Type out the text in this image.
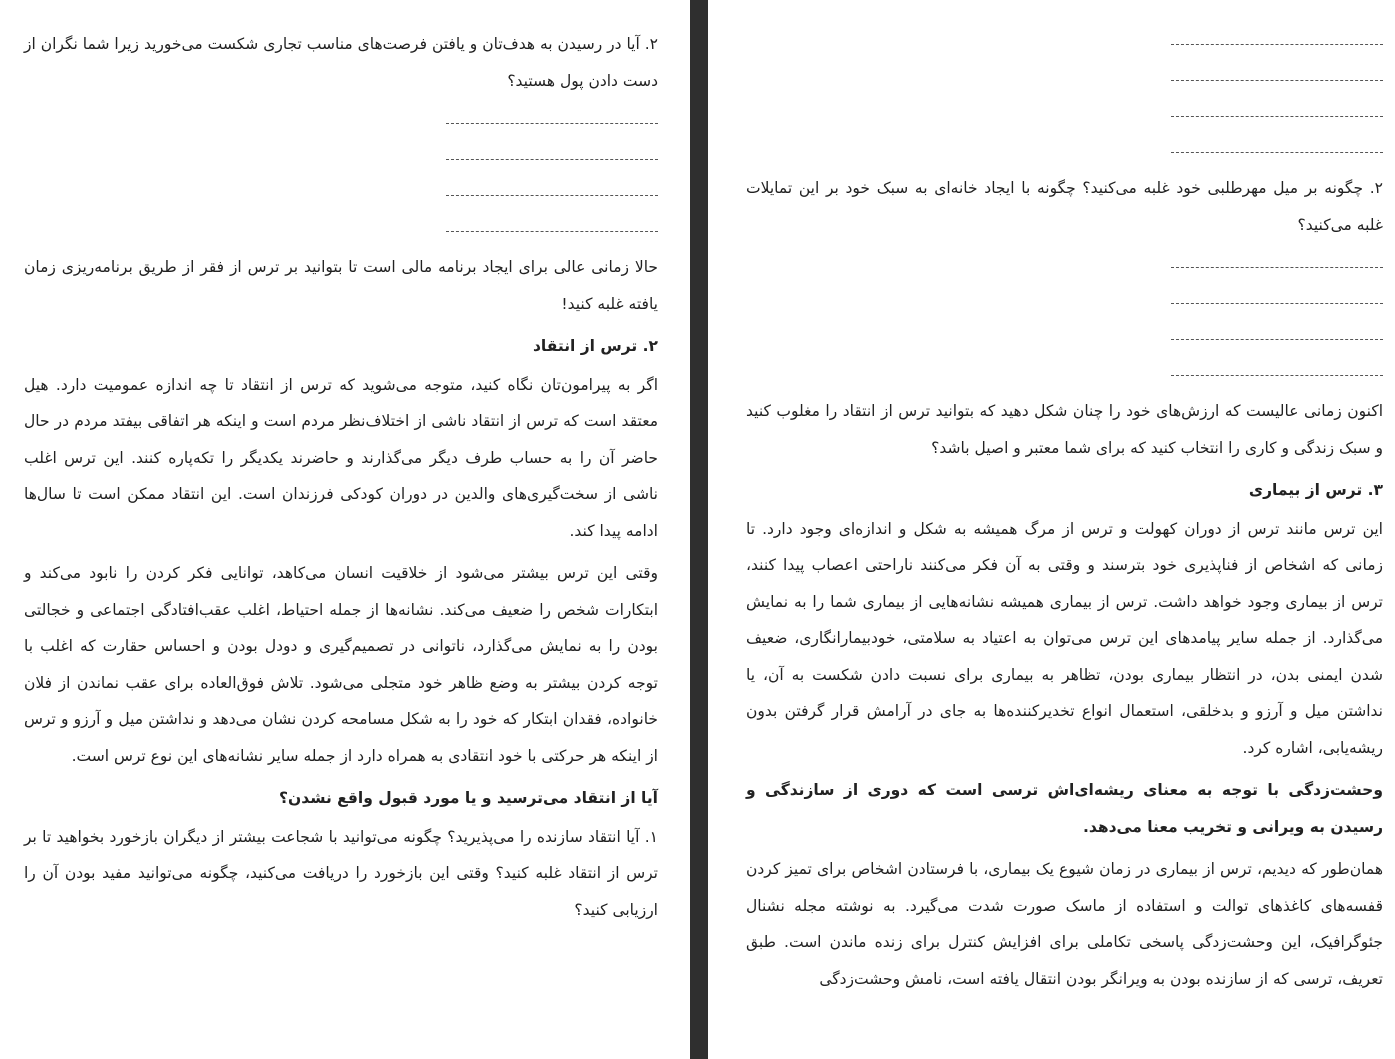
۲. آیا در رسیدن به هدف‌تان و یافتن فرصت‌های مناسب تجاری شکست می‌خورید زیرا شما نگران از دست دادن پول هستید؟

حالا زمانی عالی برای ایجاد برنامه مالی است تا بتوانید بر ترس از فقر از طریق برنامه‌ریزی زمان یافته غلبه کنید!

۲. ترس از انتقاد

اگر به پیرامون‌تان نگاه کنید، متوجه می‌شوید که ترس از انتقاد تا چه اندازه عمومیت دارد. هیل معتقد است که ترس از انتقاد ناشی از اختلاف‌نظر مردم است و اینکه هر اتفاقی بیفتد مردم در حال حاضر آن را به حساب طرف دیگر می‌گذارند و حاضرند یکدیگر را تکه‌پاره کنند. این ترس اغلب ناشی از سخت‌گیری‌های والدین در دوران کودکی فرزندان است. این انتقاد ممکن است تا سال‌ها ادامه پیدا کند.

وقتی این ترس بیشتر می‌شود از خلاقیت انسان می‌کاهد، توانایی فکر کردن را نابود می‌کند و ابتکارات شخص را ضعیف می‌کند. نشانه‌ها از جمله احتیاط، اغلب عقب‌افتادگی اجتماعی و خجالتی بودن را به نمایش می‌گذارد، ناتوانی در تصمیم‌گیری و دودل بودن و احساس حقارت که اغلب با توجه کردن بیشتر به وضع ظاهر خود متجلی می‌شود. تلاش فوق‌العاده برای عقب نماندن از فلان خانواده، فقدان ابتکار که خود را به شکل مسامحه کردن نشان می‌دهد و نداشتن میل و آرزو و ترس از اینکه هر حرکتی با خود انتقادی به همراه دارد از جمله سایر نشانه‌های این نوع ترس است.

آیا از انتقاد می‌ترسید و یا مورد قبول واقع نشدن؟

۱. آیا انتقاد سازنده را می‌پذیرید؟ چگونه می‌توانید با شجاعت بیشتر از دیگران بازخورد بخواهید تا بر ترس از انتقاد غلبه کنید؟ وقتی این بازخورد را دریافت می‌کنید، چگونه می‌توانید مفید بودن آن را ارزیابی کنید؟

۲. چگونه بر میل مهرطلبی خود غلبه می‌کنید؟ چگونه با ایجاد خانه‌ای به سبک خود بر این تمایلات غلبه می‌کنید؟

اکنون زمانی عالیست که ارزش‌های خود را چنان شکل دهید که بتوانید ترس از انتقاد را مغلوب کنید و سبک زندگی و کاری را انتخاب کنید که برای شما معتبر و اصیل باشد؟

۳. ترس از بیماری

این ترس مانند ترس از دوران کهولت و ترس از مرگ همیشه به شکل و اندازه‌ای وجود دارد. تا زمانی که اشخاص از فناپذیری خود بترسند و وقتی به آن فکر می‌کنند ناراحتی اعصاب پیدا کنند، ترس از بیماری وجود خواهد داشت. ترس از بیماری همیشه نشانه‌هایی از بیماری شما را به نمایش می‌گذارد. از جمله سایر پیامدهای این ترس می‌توان به اعتیاد به سلامتی، خودبیمارانگاری، ضعیف شدن ایمنی بدن، در انتظار بیماری بودن، تظاهر به بیماری برای نسبت دادن شکست به آن، یا نداشتن میل و آرزو و بدخلقی، استعمال انواع تخدیرکننده‌ها به جای در آرامش قرار گرفتن بدون ریشه‌یابی، اشاره کرد.

وحشت‌زدگی با توجه به معنای ریشه‌ای‌اش ترسی است که دوری از سازندگی و رسیدن به ویرانی و تخریب معنا می‌دهد.

همان‌طور که دیدیم، ترس از بیماری در زمان شیوع یک بیماری، با فرستادن اشخاص برای تمیز کردن قفسه‌های کاغذهای توالت و استفاده از ماسک صورت شدت می‌گیرد. به نوشته مجله نشنال جئوگرافیک، این وحشت‌زدگی پاسخی تکاملی برای افزایش کنترل برای زنده ماندن است. طبق تعریف، ترسی که از سازنده بودن به ویرانگر بودن انتقال یافته است، نامش وحشت‌زدگی
